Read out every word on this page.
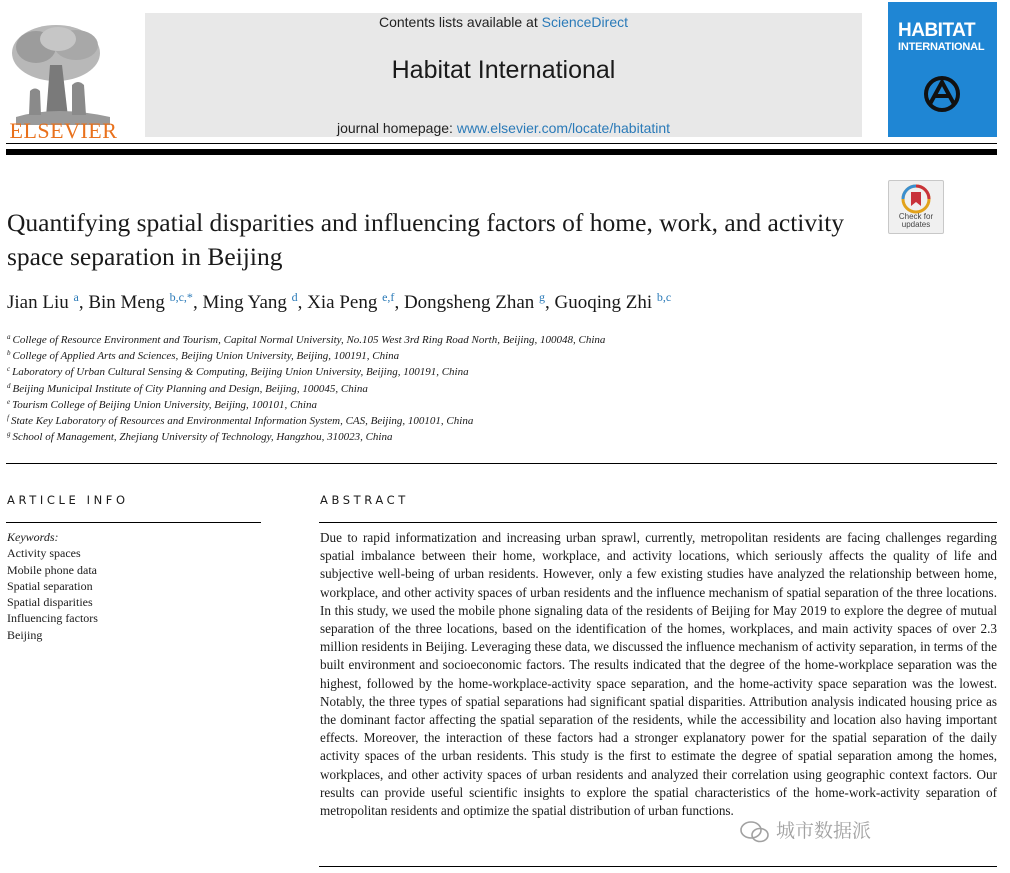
ELSEVIER
Contents lists available at ScienceDirect
Habitat International
journal homepage: www.elsevier.com/locate/habitatint
HABITAT
INTERNATIONAL
Check for
updates
Quantifying spatial disparities and influencing factors of home, work, and activity space separation in Beijing
Jian Liu $^a$, Bin Meng $^{b,c,*}$, Ming Yang $^d$, Xia Peng $^{e,f}$, Dongsheng Zhan $^g$, Guoqing Zhi $^{b,c}$
$^a$ College of Resource Environment and Tourism, Capital Normal University, No.105 West 3rd Ring Road North, Beijing, 100048, China
$^b$ College of Applied Arts and Sciences, Beijing Union University, Beijing, 100191, China
$^c$ Laboratory of Urban Cultural Sensing & Computing, Beijing Union University, Beijing, 100191, China
$^d$ Beijing Municipal Institute of City Planning and Design, Beijing, 100045, China
$^e$ Tourism College of Beijing Union University, Beijing, 100101, China
$^f$ State Key Laboratory of Resources and Environmental Information System, CAS, Beijing, 100101, China
$^g$ School of Management, Zhejiang University of Technology, Hangzhou, 310023, China
ARTICLE INFO
Keywords:
Activity spaces
Mobile phone data
Spatial separation
Spatial disparities
Influencing factors
Beijing
ABSTRACT

Due to rapid informatization and increasing urban sprawl, currently, metropolitan residents are facing challenges regarding spatial imbalance between their home, workplace, and activity locations, which seriously affects the quality of life and subjective well-being of urban residents. However, only a few existing studies have analyzed the relationship between home, workplace, and other activity spaces of urban residents and the influence mechanism of spatial separation of the three locations. In this study, we used the mobile phone signaling data of the residents of Beijing for May 2019 to explore the degree of mutual separation of the three locations, based on the identification of the homes, workplaces, and main activity spaces of over 2.3 million residents in Beijing. Leveraging these data, we discussed the influence mechanism of activity separation, in terms of the built environment and socioeconomic factors. The results indicated that the degree of the home-workplace separation was the highest, followed by the home-workplace-activity space separation, and the home-activity space separation was the lowest. Notably, the three types of spatial separations had significant spatial disparities. Attribution analysis indicated housing price as the dominant factor affecting the spatial separation of the residents, while the accessibility and location also having important effects. Moreover, the interaction of these factors had a stronger explanatory power for the spatial separation of the daily activity spaces of the urban residents. This study is the first to estimate the degree of spatial separation among the homes, workplaces, and other activity spaces of urban residents and analyzed their correlation using geographic context factors. Our results can provide useful scientific insights to explore the spatial characteristics of the home-work-activity separation of metropolitan residents and optimize the spatial distribution of urban functions.

城市数据派
